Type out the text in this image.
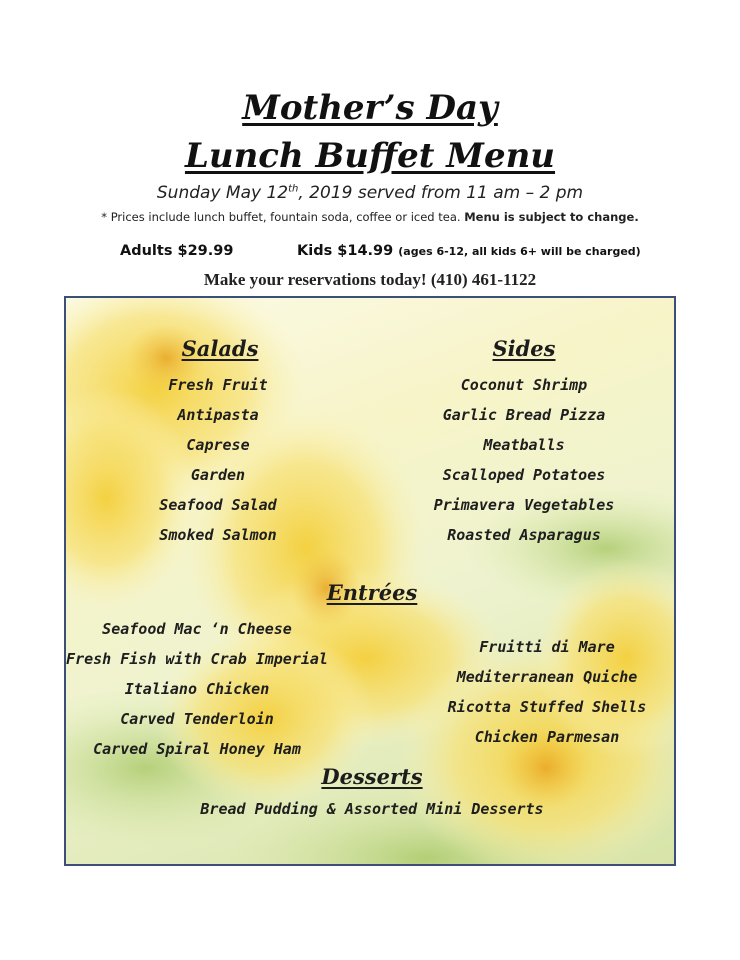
Mother’s Day
Lunch Buffet Menu
Sunday May 12th, 2019 served from 11 am – 2 pm
* Prices include lunch buffet, fountain soda, coffee or iced tea. Menu is subject to change.
Adults $29.99	Kids $14.99 (ages 6-12, all kids 6+ will be charged)
Make your reservations today! (410) 461-1122
Salads
Fresh Fruit
Antipasta
Caprese
Garden
Seafood Salad
Smoked Salmon
Sides
Coconut Shrimp
Garlic Bread Pizza
Meatballs
Scalloped Potatoes
Primavera Vegetables
Roasted Asparagus
Entrées
Seafood Mac ‘n Cheese
Fresh Fish with Crab Imperial
Italiano Chicken
Carved Tenderloin
Carved Spiral Honey Ham
Fruitti di Mare
Mediterranean Quiche
Ricotta Stuffed Shells
Chicken Parmesan
Desserts
Bread Pudding & Assorted Mini Desserts
